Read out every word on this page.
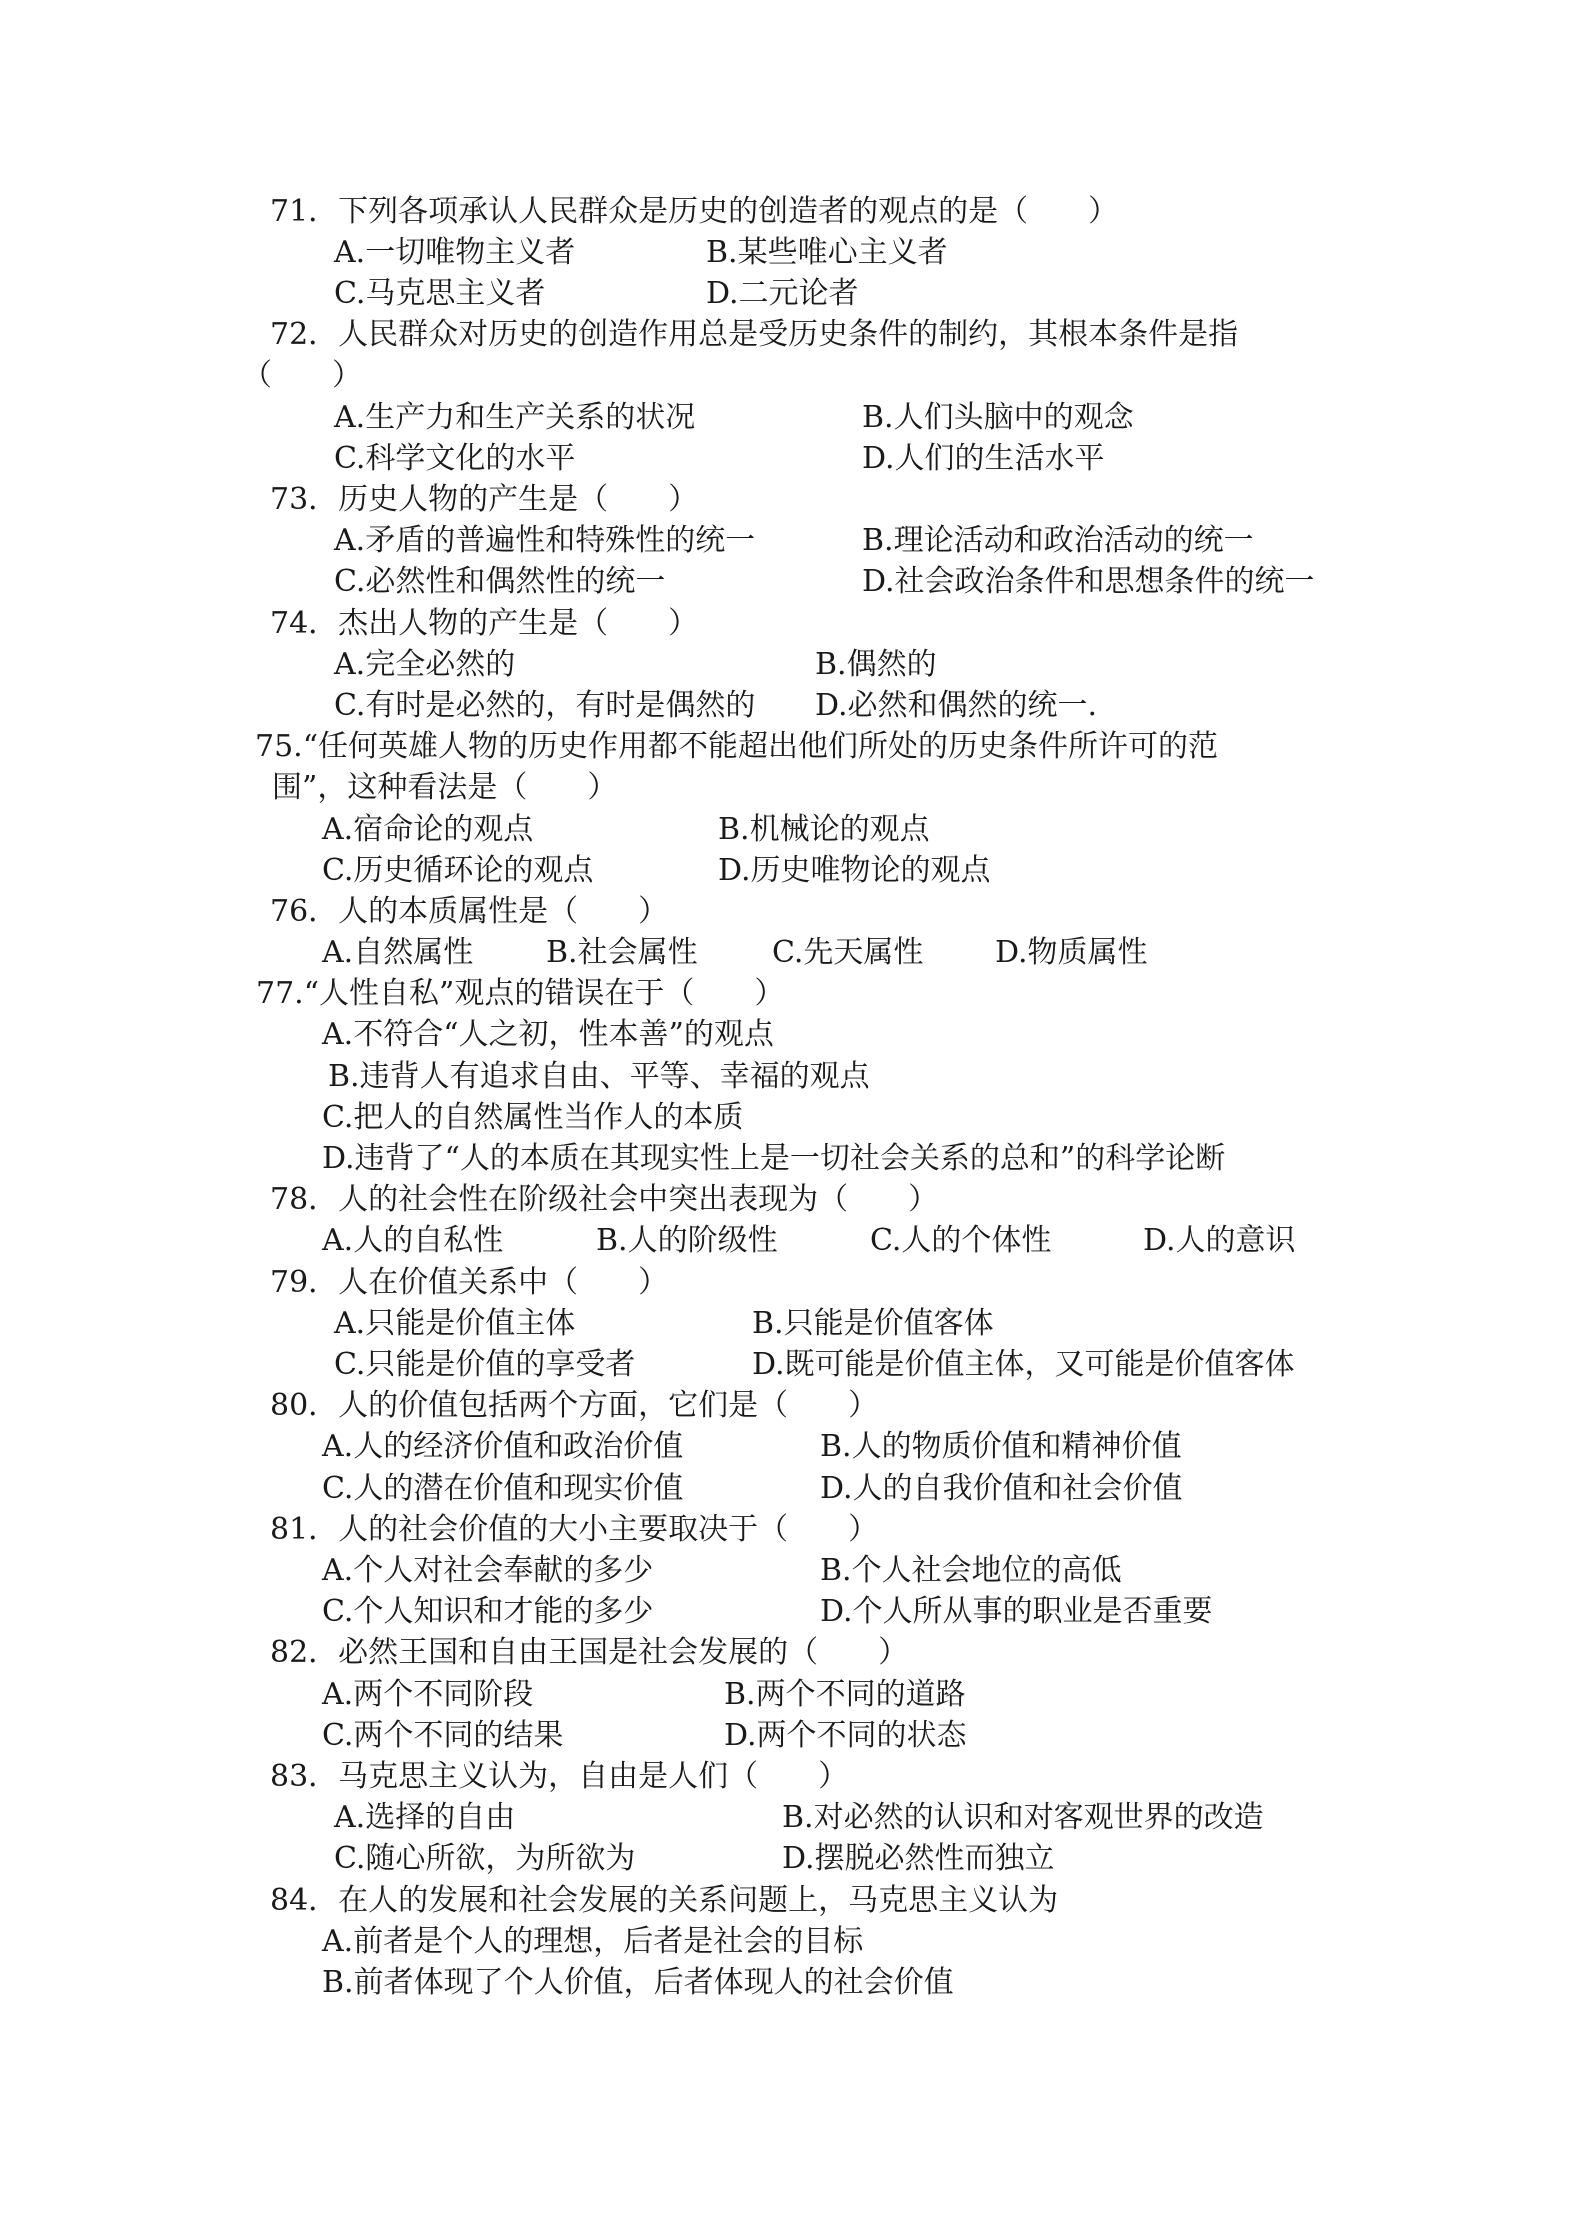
71．下列各项承认人民群众是历史的创造者的观点的是（　　）
A.一切唯物主义者	B.某些唯心主义者
C.马克思主义者	D.二元论者
72．人民群众对历史的创造作用总是受历史条件的制约，其根本条件是指
（　　）
A.生产力和生产关系的状况	B.人们头脑中的观念
C.科学文化的水平	D.人们的生活水平
73．历史人物的产生是（　　）
A.矛盾的普遍性和特殊性的统一	B.理论活动和政治活动的统一
C.必然性和偶然性的统一	D.社会政治条件和思想条件的统一
74．杰出人物的产生是（　　）
A.完全必然的	B.偶然的
C.有时是必然的，有时是偶然的 D.必然和偶然的统一.
75.“任何英雄人物的历史作用都不能超出他们所处的历史条件所许可的范
围”，这种看法是（　　）
A.宿命论的观点	B.机械论的观点
C.历史循环论的观点	D.历史唯物论的观点
76．人的本质属性是（　　）
A.自然属性 B.社会属性 C.先天属性 D.物质属性
77.“人性自私”观点的错误在于（　　）
A.不符合“人之初，性本善”的观点
B.违背人有追求自由、平等、幸福的观点
C.把人的自然属性当作人的本质
D.违背了“人的本质在其现实性上是一切社会关系的总和”的科学论断
78．人的社会性在阶级社会中突出表现为（　　）
A.人的自私性	B.人的阶级性	C.人的个体性	D.人的意识
79．人在价值关系中（　　）
A.只能是价值主体	B.只能是价值客体
C.只能是价值的享受者	D.既可能是价值主体，又可能是价值客体
80．人的价值包括两个方面，它们是（　　）
A.人的经济价值和政治价值	B.人的物质价值和精神价值
C.人的潜在价值和现实价值	D.人的自我价值和社会价值
81．人的社会价值的大小主要取决于（　　）
A.个人对社会奉献的多少	B.个人社会地位的高低
C.个人知识和才能的多少	D.个人所从事的职业是否重要
82．必然王国和自由王国是社会发展的（　　）
A.两个不同阶段	B.两个不同的道路
C.两个不同的结果	D.两个不同的状态
83．马克思主义认为，自由是人们（　　）
A.选择的自由	B.对必然的认识和对客观世界的改造
C.随心所欲，为所欲为	D.摆脱必然性而独立
84．在人的发展和社会发展的关系问题上，马克思主义认为
A.前者是个人的理想，后者是社会的目标
B.前者体现了个人价值，后者体现人的社会价值
